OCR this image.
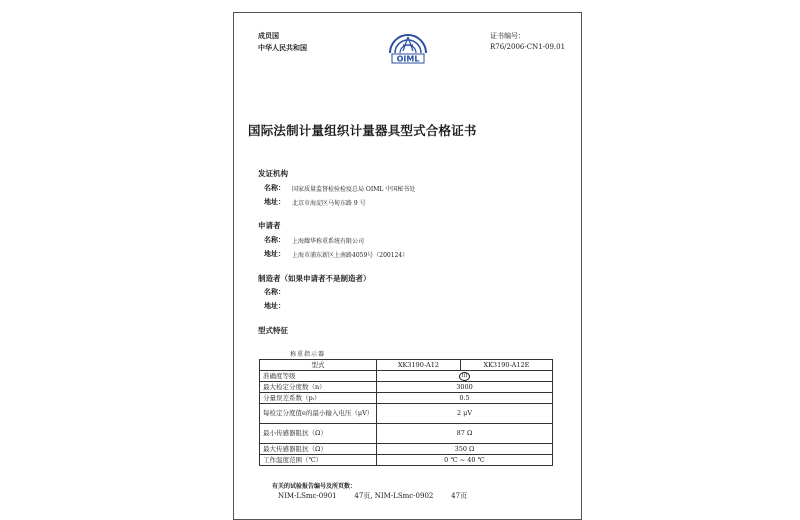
成员国
中华人民共和国
OIML
证书编号：
R76/2006-CN1-09.01
国际法制计量组织计量器具型式合格证书
发证机构
名称： 国家质量监督检验检疫总局 OIML 中国秘书处
地址： 北京市海淀区马甸东路 9 号
申请者
名称： 上海耀华称重系统有限公司
地址： 上海市浦东新区上南路4059号（200124）
制造者（如果申请者不是制造者）
名称：
地址：
型式特征
称重指示器
型式	XK3190-A12	XK3190-A12E
准确度等级	III	
最大检定分度数（n）	3000	
分量误差系数（pᵢ）	0.5	
每检定分度值e的最小输入电压（μV）	2 μV	
最小传感器阻抗（Ω）	87 Ω	
最大传感器阻抗（Ω）	350 Ω	
工作温度范围（℃）	0 ℃ ~ 40 ℃	
有关的试验报告编号及所页数：
NIM-LSmc-0901        47页, NIM-LSmc-0902        47页
